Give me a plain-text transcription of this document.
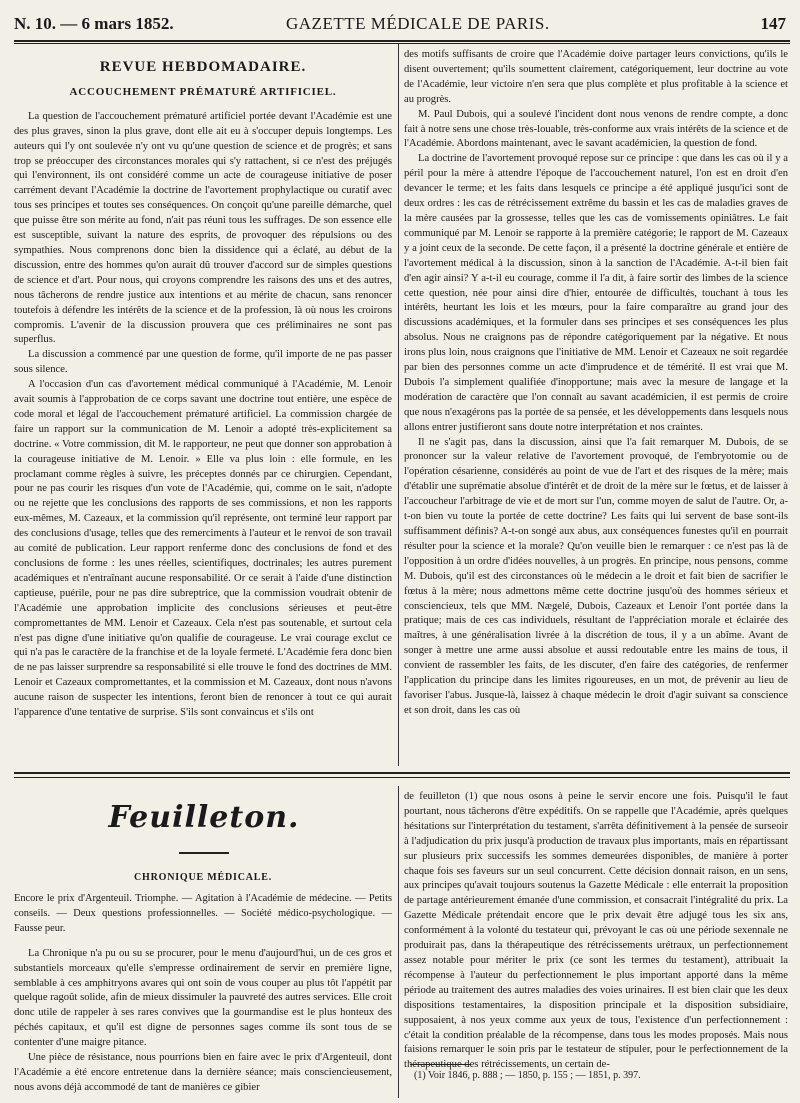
N. 10. — 6 mars 1852.	GAZETTE MÉDICALE DE PARIS.	147

REVUE HEBDOMADAIRE.

ACCOUCHEMENT PRÉMATURÉ ARTIFICIEL.

La question de l'accouchement prématuré artificiel portée devant l'Académie est une des plus graves, sinon la plus grave, dont elle ait eu à s'occuper depuis longtemps. Les auteurs qui l'y ont soulevée n'y ont vu qu'une question de science et de progrès; et sans trop se préoccuper des circonstances morales qui s'y rattachent, si ce n'est des préjugés qui l'environnent, ils ont considéré comme un acte de courageuse initiative de poser carrément devant l'Académie la doctrine de l'avortement prophylactique ou curatif avec tous ses principes et toutes ses conséquences. On conçoit qu'une pareille démarche, quel que puisse être son mérite au fond, n'ait pas réuni tous les suffrages. De son essence elle est susceptible, suivant la nature des esprits, de provoquer des répulsions ou des sympathies. Nous comprenons donc bien la dissidence qui a éclaté, au début de la discussion, entre des hommes qu'on aurait dû trouver d'accord sur de simples questions de science et d'art. Pour nous, qui croyons comprendre les raisons des uns et des autres, nous tâcherons de rendre justice aux intentions et au mérite de chacun, sans renoncer toutefois à défendre les intérêts de la science et de la profession, là où nous les croirons compromis. L'avenir de la discussion prouvera que ces préliminaires ne sont pas superflus.

La discussion a commencé par une question de forme, qu'il importe de ne pas passer sous silence.

A l'occasion d'un cas d'avortement médical communiqué à l'Académie, M. Lenoir avait soumis à l'approbation de ce corps savant une doctrine tout entière, une espèce de code moral et légal de l'accouchement prématuré artificiel. La commission chargée de faire un rapport sur la communication de M. Lenoir a adopté très-explicitement sa doctrine. « Votre commission, dit M. le rapporteur, ne peut que donner son approbation à la courageuse initiative de M. Lenoir. » Elle va plus loin : elle formule, en les proclamant comme règles à suivre, les préceptes donnés par ce chirurgien. Cependant, pour ne pas courir les risques d'un vote de l'Académie, qui, comme on le sait, n'adopte ou ne rejette que les conclusions des rapports de ses commissions, et non les rapports eux-mêmes, M. Cazeaux, et la commission qu'il représente, ont terminé leur rapport par des conclusions d'usage, telles que des remerciments à l'auteur et le renvoi de son travail au comité de publication. Leur rapport renferme donc des conclusions de fond et des conclusions de forme : les unes réelles, scientifiques, doctrinales; les autres purement académiques et n'entraînant aucune responsabilité. Or ce serait à l'aide d'une distinction captieuse, puérile, pour ne pas dire subreptrice, que la commission voudrait obtenir de l'Académie une approbation implicite des conclusions sérieuses et peut-être compromettantes de MM. Lenoir et Cazeaux. Cela n'est pas soutenable, et surtout cela n'est pas digne d'une initiative qu'on qualifie de courageuse. Le vrai courage exclut ce qui n'a pas le caractère de la franchise et de la loyale fermeté. L'Académie fera donc bien de ne pas laisser surprendre sa responsabilité si elle trouve le fond des doctrines de MM. Lenoir et Cazeaux compromettantes, et la commission et M. Cazeaux, dont nous n'avons aucune raison de suspecter les intentions, feront bien de renoncer à tout ce qui aurait l'apparence d'une tentative de surprise. S'ils sont convaincus et s'ils ont

des motifs suffisants de croire que l'Académie doive partager leurs convictions, qu'ils le disent ouvertement; qu'ils soumettent clairement, catégoriquement, leur doctrine au vote de l'Académie, leur victoire n'en sera que plus complète et plus profitable à la science et au progrès.

M. Paul Dubois, qui a soulevé l'incident dont nous venons de rendre compte, a donc fait à notre sens une chose très-louable, très-conforme aux vrais intérêts de la science et de l'Académie. Abordons maintenant, avec le savant académicien, la question de fond.

La doctrine de l'avortement provoqué repose sur ce principe : que dans les cas où il y a péril pour la mère à attendre l'époque de l'accouchement naturel, l'on est en droit d'en devancer le terme; et les faits dans lesquels ce principe a été appliqué jusqu'ici sont de deux ordres : les cas de rétrécissement extrême du bassin et les cas de maladies graves de la mère causées par la grossesse, telles que les cas de vomissements opiniâtres. Le fait communiqué par M. Lenoir se rapporte à la première catégorie; le rapport de M. Cazeaux y a joint ceux de la seconde. De cette façon, il a présenté la doctrine générale et entière de l'avortement médical à la discussion, sinon à la sanction de l'Académie. A-t-il bien fait d'en agir ainsi? Y a-t-il eu courage, comme il l'a dit, à faire sortir des limbes de la science cette question, née pour ainsi dire d'hier, entourée de difficultés, touchant à tous les intérêts, heurtant les lois et les mœurs, pour la faire comparaître au grand jour des discussions académiques, et la formuler dans ses principes et ses conséquences les plus absolus. Nous ne craignons pas de répondre catégoriquement par la négative. Et nous irons plus loin, nous craignons que l'initiative de MM. Lenoir et Cazeaux ne soit regardée par bien des personnes comme un acte d'imprudence et de témérité. Il est vrai que M. Dubois l'a simplement qualifiée d'inopportune; mais avec la mesure de langage et la modération de caractère que l'on connaît au savant académicien, il est permis de croire que nous n'exagérons pas la portée de sa pensée, et les développements dans lesquels nous allons entrer justifieront sans doute notre interprétation et nos craintes.

Il ne s'agit pas, dans la discussion, ainsi que l'a fait remarquer M. Dubois, de se prononcer sur la valeur relative de l'avortement provoqué, de l'embryotomie ou de l'opération césarienne, considérés au point de vue de l'art et des risques de la mère; mais d'établir une suprématie absolue d'intérêt et de droit de la mère sur le fœtus, et de laisser à l'accoucheur l'arbitrage de vie et de mort sur l'un, comme moyen de salut de l'autre. Or, a-t-on bien vu toute la portée de cette doctrine? Les faits qui lui servent de base sont-ils suffisamment définis? A-t-on songé aux abus, aux conséquences funestes qu'il en pourrait résulter pour la science et la morale? Qu'on veuille bien le remarquer : ce n'est pas là de l'opposition à un ordre d'idées nouvelles, à un progrès. En principe, nous pensons, comme M. Dubois, qu'il est des circonstances où le médecin a le droit et fait bien de sacrifier le fœtus à la mère; nous admettons même cette doctrine jusqu'où des hommes sérieux et consciencieux, tels que MM. Nægelé, Dubois, Cazeaux et Lenoir l'ont portée dans la pratique; mais de ces cas individuels, résultant de l'appréciation morale et éclairée des maîtres, à une généralisation livrée à la discrétion de tous, il y a un abîme. Avant de songer à mettre une arme aussi absolue et aussi redoutable entre les mains de tous, il convient de rassembler les faits, de les discuter, d'en faire des catégories, de renfermer l'application du principe dans les limites rigoureuses, en un mot, de prévenir au lieu de favoriser l'abus. Jusque-là, laissez à chaque médecin le droit d'agir suivant sa conscience et son droit, dans les cas où

Feuilleton.
CHRONIQUE MÉDICALE.

Encore le prix d'Argenteuil. Triomphe. — Agitation à l'Académie de médecine. — Petits conseils. — Deux questions professionnelles. — Société médico-psychologique. — Fausse peur.

La Chronique n'a pu ou su se procurer, pour le menu d'aujourd'hui, un de ces gros et substantiels morceaux qu'elle s'empresse ordinairement de servir en première ligne, semblable à ces amphitryons avares qui ont soin de vous couper au plus tôt l'appétit par quelque ragoût solide, afin de mieux dissimuler la pauvreté des autres services. Elle croit donc utile de rappeler à ses rares convives que la gourmandise est le plus honteux des péchés capitaux, et qu'il est digne de personnes sages comme ils sont tous de se contenter d'une maigre pitance.

Une pièce de résistance, nous pourrions bien en faire avec le prix d'Argenteuil, dont l'Académie a été encore entretenue dans la dernière séance; mais consciencieusement, nous avons déjà accommodé de tant de manières ce gibier

de feuilleton (1) que nous osons à peine le servir encore une fois. Puisqu'il le faut pourtant, nous tâcherons d'être expéditifs. On se rappelle que l'Académie, après quelques hésitations sur l'interprétation du testament, s'arrêta définitivement à la pensée de surseoir à l'adjudication du prix jusqu'à production de travaux plus importants, mais en répartissant sur plusieurs prix successifs les sommes demeurées disponibles, de manière à porter chaque fois ses faveurs sur un seul concurrent. Cette décision donnait raison, en un sens, aux principes qu'avait toujours soutenus la Gazette Médicale : elle enterrait la proposition de partage antérieurement émanée d'une commission, et consacrait l'intégralité du prix. La Gazette Médicale prétendait encore que le prix devait être adjugé tous les six ans, conformément à la volonté du testateur qui, prévoyant le cas où une période sexennale ne produirait pas, dans la thérapeutique des rétrécissements urétraux, un perfectionnement assez notable pour mériter le prix (ce sont les termes du testament), attribuait la récompense à l'auteur du perfectionnement le plus important apporté dans la même période au traitement des autres maladies des voies urinaires. Il est bien clair que les deux dispositions testamentaires, la disposition principale et la disposition subsidiaire, supposaient, à nos yeux comme aux yeux de tous, l'existence d'un perfectionnement : c'était la condition préalable de la récompense, dans tous les modes proposés. Mais nous faisions remarquer le soin pris par le testateur de stipuler, pour le perfectionnement de la thérapeutique des rétrécissements, un certain de-

(1) Voir 1846, p. 888 ; — 1850, p. 155 ; — 1851, p. 397.
